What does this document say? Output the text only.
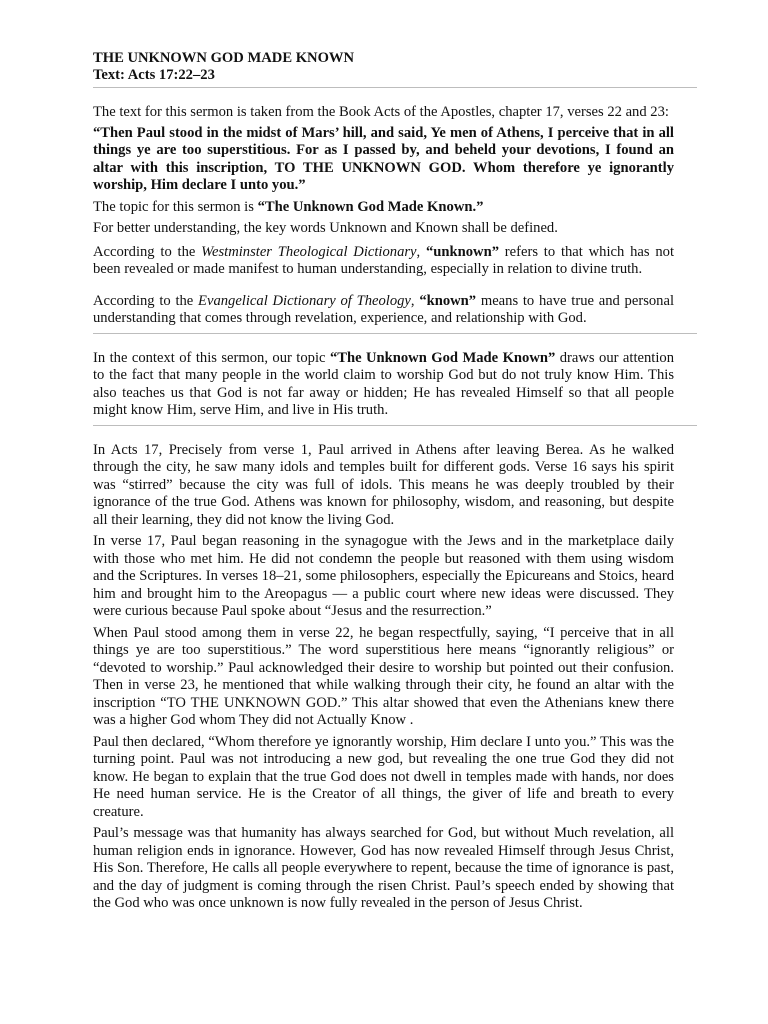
THE UNKNOWN GOD MADE KNOWN
Text: Acts 17:22–23

The text for this sermon is taken from the Book Acts of the Apostles, chapter 17, verses 22 and 23:

“Then Paul stood in the midst of Mars’ hill, and said, Ye men of Athens, I perceive that in all things ye are too superstitious. For as I passed by, and beheld your devotions, I found an altar with this inscription, TO THE UNKNOWN GOD. Whom therefore ye ignorantly worship, Him declare I unto you.”

The topic for this sermon is “The Unknown God Made Known.”

For better understanding, the key words Unknown and Known shall be defined.

According to the Westminster Theological Dictionary, “unknown” refers to that which has not been revealed or made manifest to human understanding, especially in relation to divine truth.

According to the Evangelical Dictionary of Theology, “known” means to have true and personal understanding that comes through revelation, experience, and relationship with God.

In the context of this sermon, our topic “The Unknown God Made Known” draws our attention to the fact that many people in the world claim to worship God but do not truly know Him. This also teaches us that God is not far away or hidden; He has revealed Himself so that all people might know Him, serve Him, and live in His truth.

In Acts 17, Precisely from verse 1, Paul arrived in Athens after leaving Berea. As he walked through the city, he saw many idols and temples built for different gods. Verse 16 says his spirit was “stirred” because the city was full of idols. This means he was deeply troubled by their ignorance of the true God. Athens was known for philosophy, wisdom, and reasoning, but despite all their learning, they did not know the living God.

In verse 17, Paul began reasoning in the synagogue with the Jews and in the marketplace daily with those who met him. He did not condemn the people but reasoned with them using wisdom and the Scriptures. In verses 18–21, some philosophers, especially the Epicureans and Stoics, heard him and brought him to the Areopagus — a public court where new ideas were discussed. They were curious because Paul spoke about “Jesus and the resurrection.”

When Paul stood among them in verse 22, he began respectfully, saying, “I perceive that in all things ye are too superstitious.” The word superstitious here means “ignorantly religious” or “devoted to worship.” Paul acknowledged their desire to worship but pointed out their confusion. Then in verse 23, he mentioned that while walking through their city, he found an altar with the inscription “TO THE UNKNOWN GOD.” This altar showed that even the Athenians knew there was a higher God whom They did not Actually Know .

Paul then declared, “Whom therefore ye ignorantly worship, Him declare I unto you.” This was the turning point. Paul was not introducing a new god, but revealing the one true God they did not know. He began to explain that the true God does not dwell in temples made with hands, nor does He need human service. He is the Creator of all things, the giver of life and breath to every creature.

Paul’s message was that humanity has always searched for God, but without Much revelation, all human religion ends in ignorance. However, God has now revealed Himself through Jesus Christ, His Son. Therefore, He calls all people everywhere to repent, because the time of ignorance is past, and the day of judgment is coming through the risen Christ. Paul’s speech ended by showing that the God who was once unknown is now fully revealed in the person of Jesus Christ.
